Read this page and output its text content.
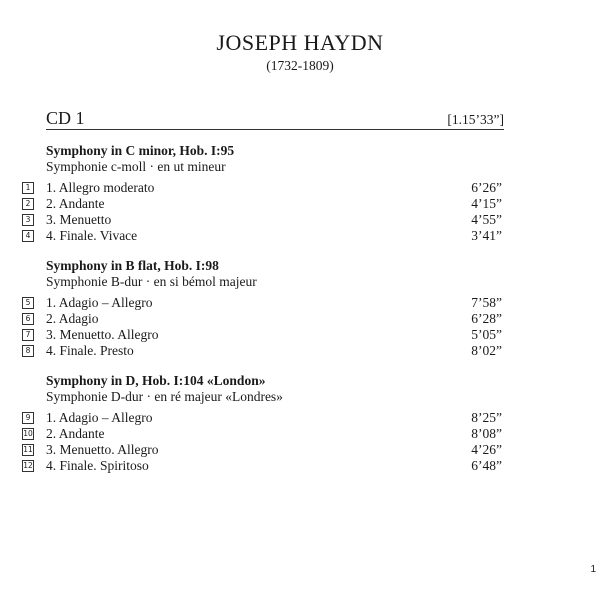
JOSEPH HAYDN
(1732-1809)
CD 1	[1.15’33”]
Symphony in C minor, Hob. I:95
Symphonie c-moll · en ut mineur
1 1. Allegro moderato	6’26”
2 2. Andante	4’15”
3 3. Menuetto	4’55”
4 4. Finale. Vivace	3’41”
Symphony in B flat, Hob. I:98
Symphonie B-dur · en si bémol majeur
5 1. Adagio – Allegro	7’58”
6 2. Adagio	6’28”
7 3. Menuetto. Allegro	5’05”
8 4. Finale. Presto	8’02”
Symphony in D, Hob. I:104 «London»
Symphonie D-dur · en ré majeur «Londres»
9 1. Adagio – Allegro	8’25”
10 2. Andante	8’08”
11 3. Menuetto. Allegro	4’26”
12 4. Finale. Spiritoso	6’48”
1
